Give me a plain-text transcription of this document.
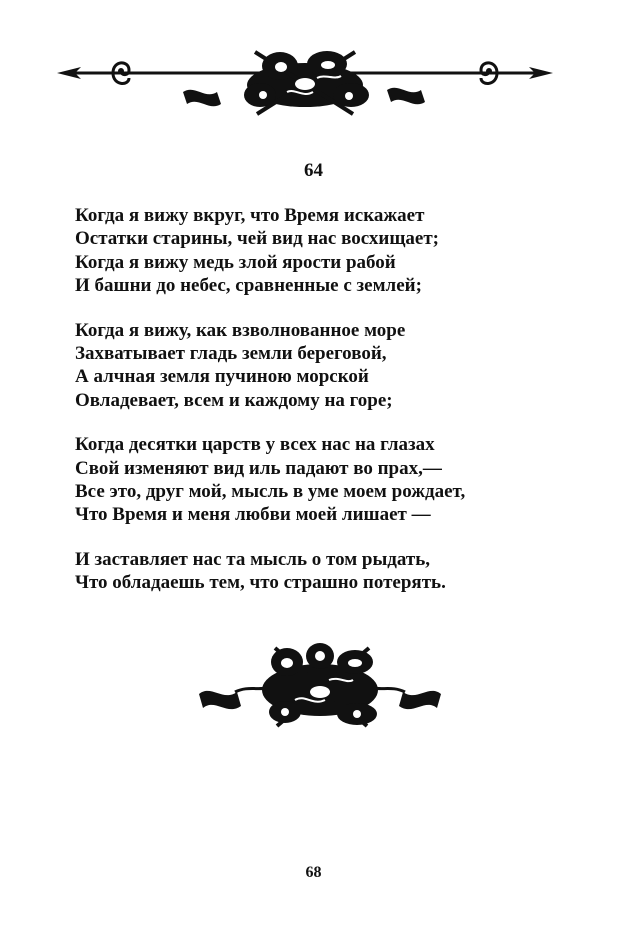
64
Когда я вижу вкруг, что Время искажает
Остатки старины, чей вид нас восхищает;
Когда я вижу медь злой ярости рабой
И башни до небес, сравненные с землей;
Когда я вижу, как взволнованное море
Захватывает гладь земли береговой,
А алчная земля пучиною морской
Овладевает, всем и каждому на горе;
Когда десятки царств у всех нас на глазах
Свой изменяют вид иль падают во прах,—
Все это, друг мой, мысль в уме моем рождает,
Что Время и меня любви моей лишает —
И заставляет нас та мысль о том рыдать,
Что обладаешь тем, что страшно потерять.
68
